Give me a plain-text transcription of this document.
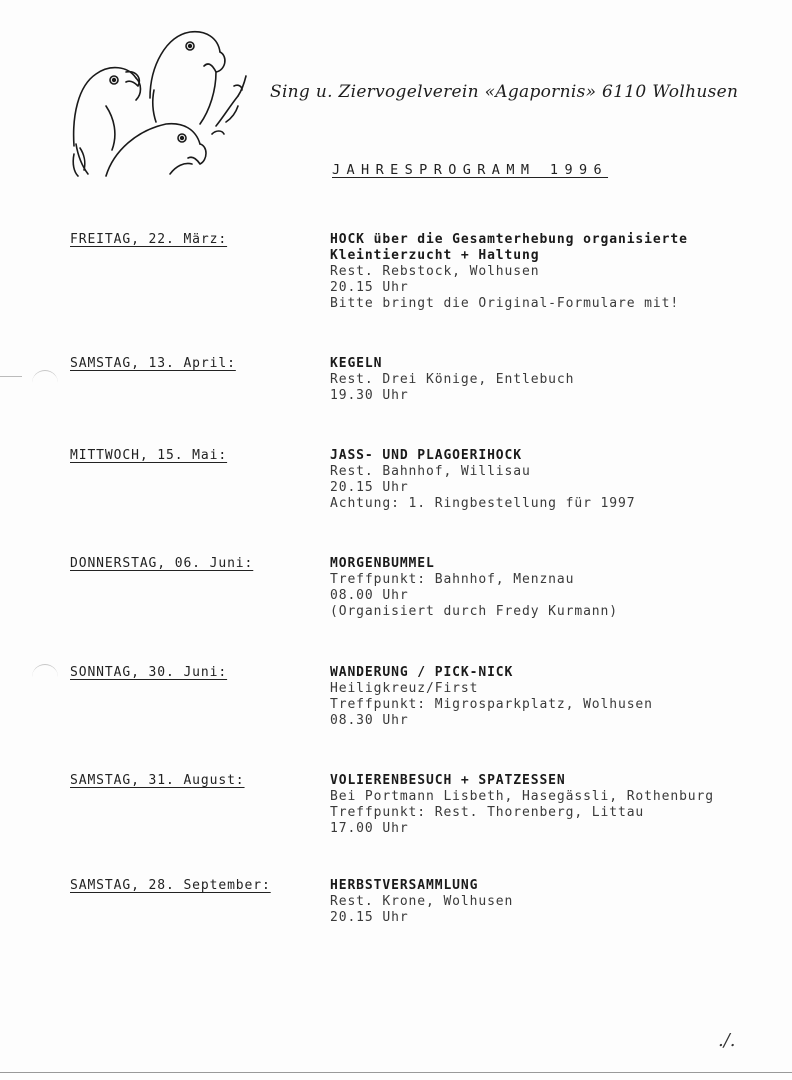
Sing u. Ziervogelverein «Agapornis» 6110 Wolhusen
JAHRESPROGRAMM 1996
FREITAG, 22. März:	HOCK über die Gesamterhebung organisierte
Kleintierzucht + Haltung
Rest. Rebstock, Wolhusen
20.15 Uhr
Bitte bringt die Original-Formulare mit!
SAMSTAG, 13. April:	KEGELN
Rest. Drei Könige, Entlebuch
19.30 Uhr
MITTWOCH, 15. Mai:	JASS- UND PLAGOERIHOCK
Rest. Bahnhof, Willisau
20.15 Uhr
Achtung: 1. Ringbestellung für 1997
DONNERSTAG, 06. Juni:	MORGENBUMMEL
Treffpunkt: Bahnhof, Menznau
08.00 Uhr
(Organisiert durch Fredy Kurmann)
SONNTAG, 30. Juni:	WANDERUNG / PICK-NICK
Heiligkreuz/First
Treffpunkt: Migrosparkplatz, Wolhusen
08.30 Uhr
SAMSTAG, 31. August:	VOLIERENBESUCH + SPATZESSEN
Bei Portmann Lisbeth, Hasegässli, Rothenburg
Treffpunkt: Rest. Thorenberg, Littau
17.00 Uhr
SAMSTAG, 28. September:	HERBSTVERSAMMLUNG
Rest. Krone, Wolhusen
20.15 Uhr
./.
